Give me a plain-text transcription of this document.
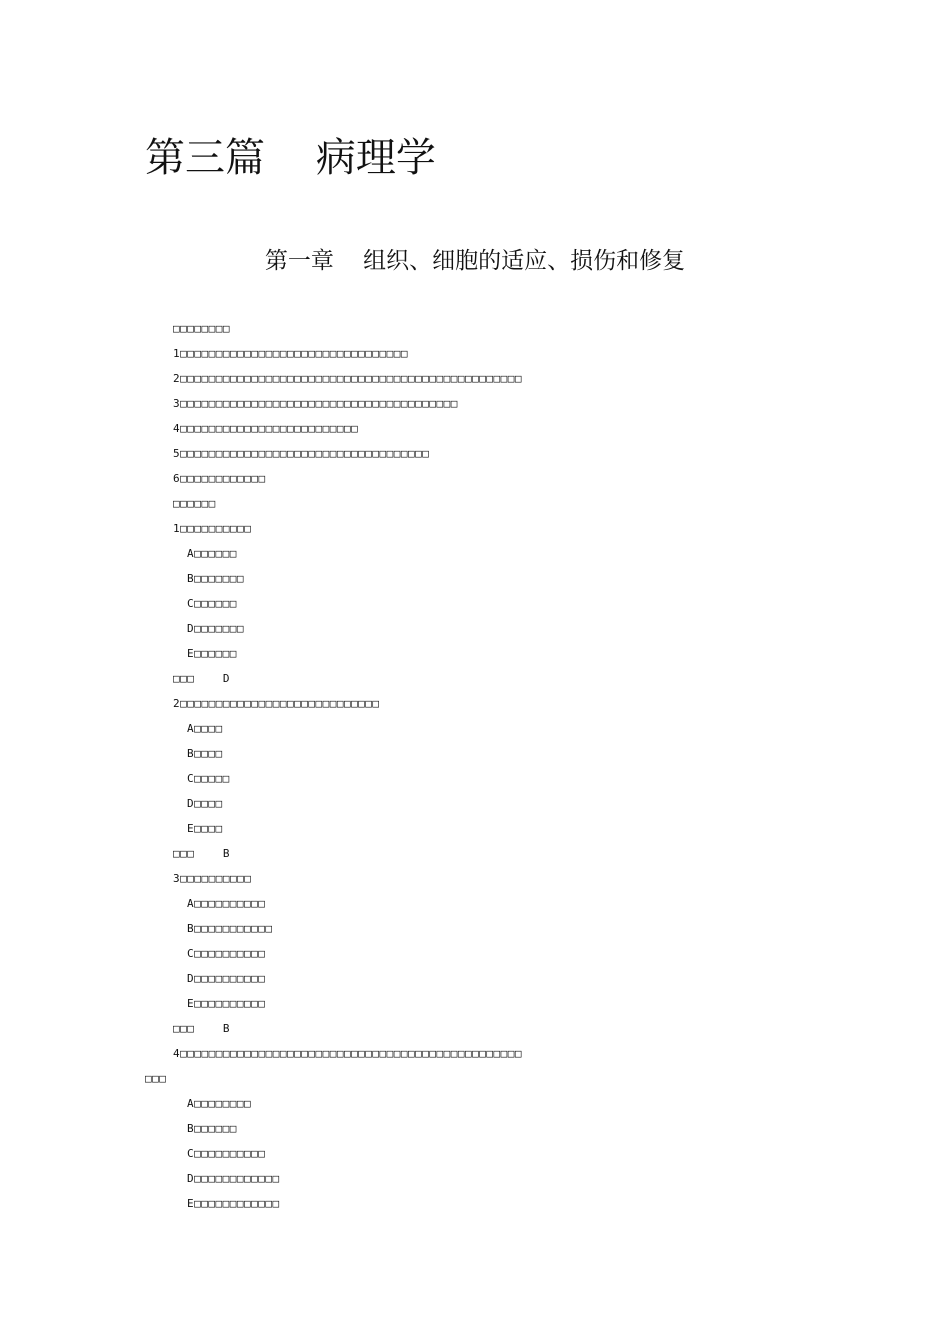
第三篇    病理学
第一章    组织、细胞的适应、损伤和修复
□□□□□□□□
1□□□□□□□□□□□□□□□□□□□□□□□□□□□□□□□□
2□□□□□□□□□□□□□□□□□□□□□□□□□□□□□□□□□□□□□□□□□□□□□□□□
3□□□□□□□□□□□□□□□□□□□□□□□□□□□□□□□□□□□□□□□
4□□□□□□□□□□□□□□□□□□□□□□□□□
5□□□□□□□□□□□□□□□□□□□□□□□□□□□□□□□□□□□
6□□□□□□□□□□□□
□□□□□□
1□□□□□□□□□□
A□□□□□□
B□□□□□□□
C□□□□□□
D□□□□□□□
E□□□□□□
□□□    D
2□□□□□□□□□□□□□□□□□□□□□□□□□□□□
A□□□□
B□□□□
C□□□□□
D□□□□
E□□□□
□□□    B
3□□□□□□□□□□
A□□□□□□□□□□
B□□□□□□□□□□□
C□□□□□□□□□□
D□□□□□□□□□□
E□□□□□□□□□□
□□□    B
4□□□□□□□□□□□□□□□□□□□□□□□□□□□□□□□□□□□□□□□□□□□□□□□□
□□□
A□□□□□□□□
B□□□□□□
C□□□□□□□□□□
D□□□□□□□□□□□□
E□□□□□□□□□□□□
